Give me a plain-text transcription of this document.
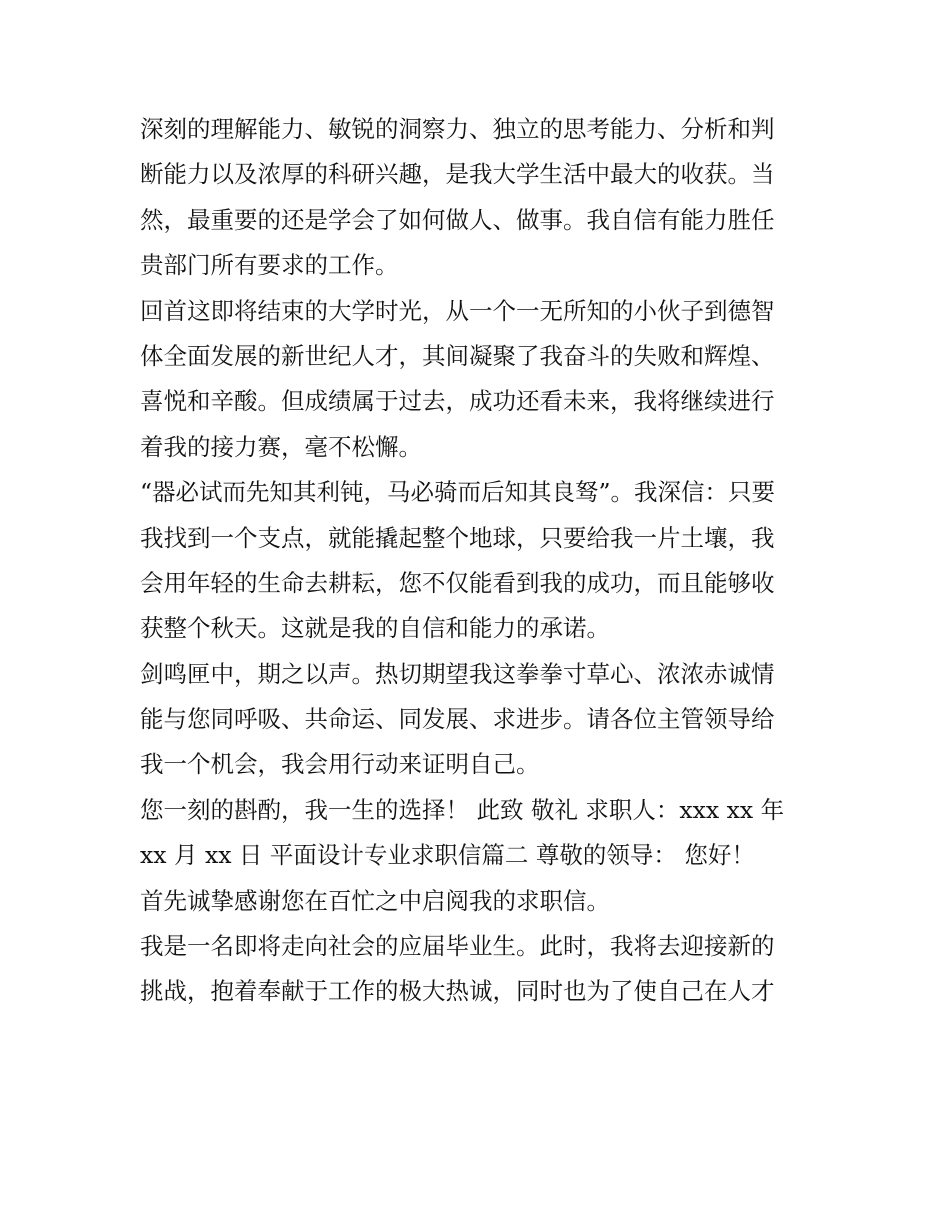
深刻的理解能力、敏锐的洞察力、独立的思考能力、分析和判
断能力以及浓厚的科研兴趣，是我大学生活中最大的收获。当
然，最重要的还是学会了如何做人、做事。我自信有能力胜任
贵部门所有要求的工作。
回首这即将结束的大学时光，从一个一无所知的小伙子到德智
体全面发展的新世纪人才，其间凝聚了我奋斗的失败和辉煌、
喜悦和辛酸。但成绩属于过去，成功还看未来，我将继续进行
着我的接力赛，毫不松懈。
“器必试而先知其利钝，马必骑而后知其良驽”。我深信：只要
我找到一个支点，就能撬起整个地球，只要给我一片土壤，我
会用年轻的生命去耕耘，您不仅能看到我的成功，而且能够收
获整个秋天。这就是我的自信和能力的承诺。
剑鸣匣中，期之以声。热切期望我这拳拳寸草心、浓浓赤诚情
能与您同呼吸、共命运、同发展、求进步。请各位主管领导给
我一个机会，我会用行动来证明自己。
您一刻的斟酌，我一生的选择！ 此致 敬礼 求职人：xxx xx 年
xx 月 xx 日 平面设计专业求职信篇二 尊敬的领导： 您好！
首先诚挚感谢您在百忙之中启阅我的求职信。
我是一名即将走向社会的应届毕业生。此时，我将去迎接新的
挑战，抱着奉献于工作的极大热诚，同时也为了使自己在人才
